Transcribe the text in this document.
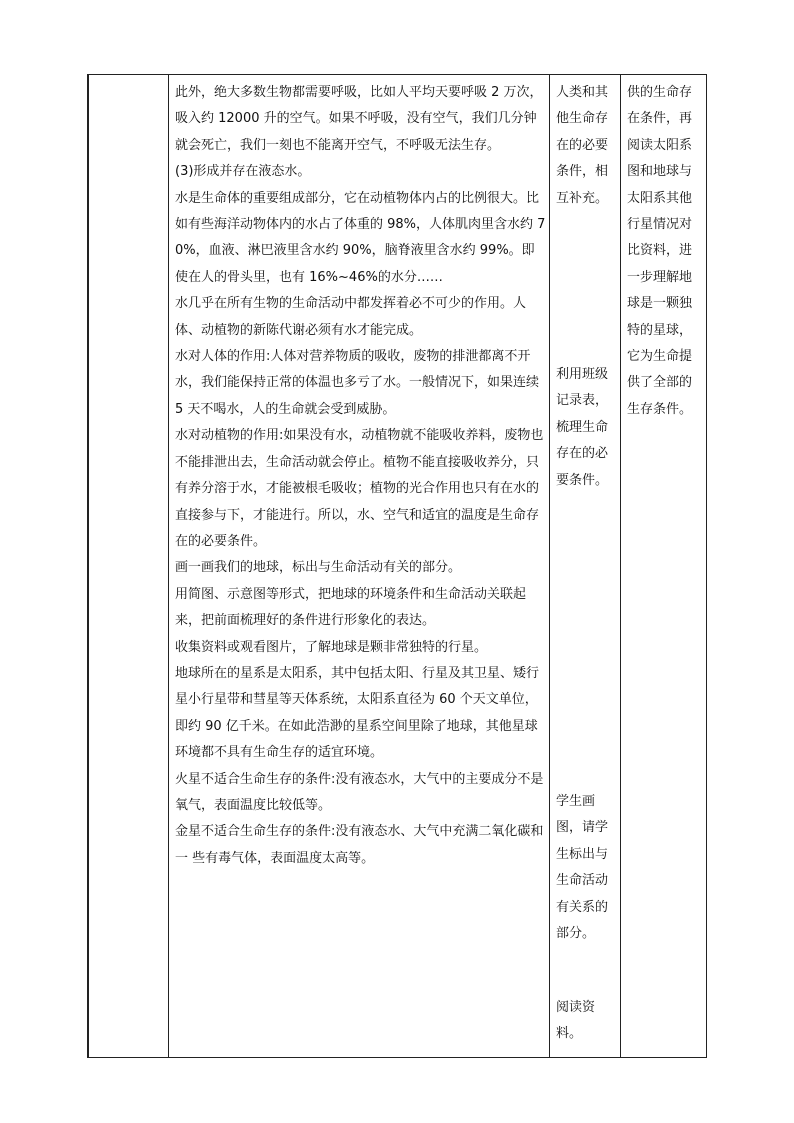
此外，绝大多数生物都需要呼吸，比如人平均天要呼吸 2 万次，吸入约 12000 升的空气。如果不呼吸，没有空气，我们几分钟就会死亡，我们一刻也不能离开空气，不呼吸无法生存。

(3)形成并存在液态水。

水是生命体的重要组成部分，它在动植物体内占的比例很大。比如有些海洋动物体内的水占了体重的 98%，人体肌肉里含水约 70%，血液、淋巴液里含水约 90%，脑脊液里含水约 99%。即使在人的骨头里，也有 16%~46%的水分……

水几乎在所有生物的生命活动中都发挥着必不可少的作用。人体、动植物的新陈代谢必须有水才能完成。

水对人体的作用:人体对营养物质的吸收，废物的排泄都离不开水，我们能保持正常的体温也多亏了水。一般情况下，如果连续 5 天不喝水，人的生命就会受到威胁。

水对动植物的作用:如果没有水，动植物就不能吸收养料，废物也不能排泄出去，生命活动就会停止。植物不能直接吸收养分，只有养分溶于水，才能被根毛吸收；植物的光合作用也只有在水的直接参与下，才能进行。所以，水、空气和适宜的温度是生命存在的必要条件。

画一画我们的地球，标出与生命活动有关的部分。

用简图、示意图等形式，把地球的环境条件和生命活动关联起来，把前面梳理好的条件进行形象化的表达。

收集资料或观看图片，了解地球是颗非常独特的行星。

地球所在的星系是太阳系，其中包括太阳、行星及其卫星、矮行星小行星带和彗星等天体系统，太阳系直径为 60 个天文单位，即约 90 亿千米。在如此浩渺的星系空间里除了地球，其他星球环境都不具有生命生存的适宜环境。

火星不适合生命生存的条件:没有液态水，大气中的主要成分不是氧气，表面温度比较低等。

金星不适合生命生存的条件:没有液态水、大气中充满二氧化碳和一 些有毒气体，表面温度太高等。

人类和其他生命存在的必要条件，相互补充。
利用班级记录表，梳理生命存在的必要条件。
学生画图，请学生标出与生命活动有关系的部分。
阅读资料。
供的生命存在条件，再阅读太阳系图和地球与太阳系其他行星情况对比资料，进一步理解地球是一颗独特的星球，它为生命提供了全部的生存条件。
